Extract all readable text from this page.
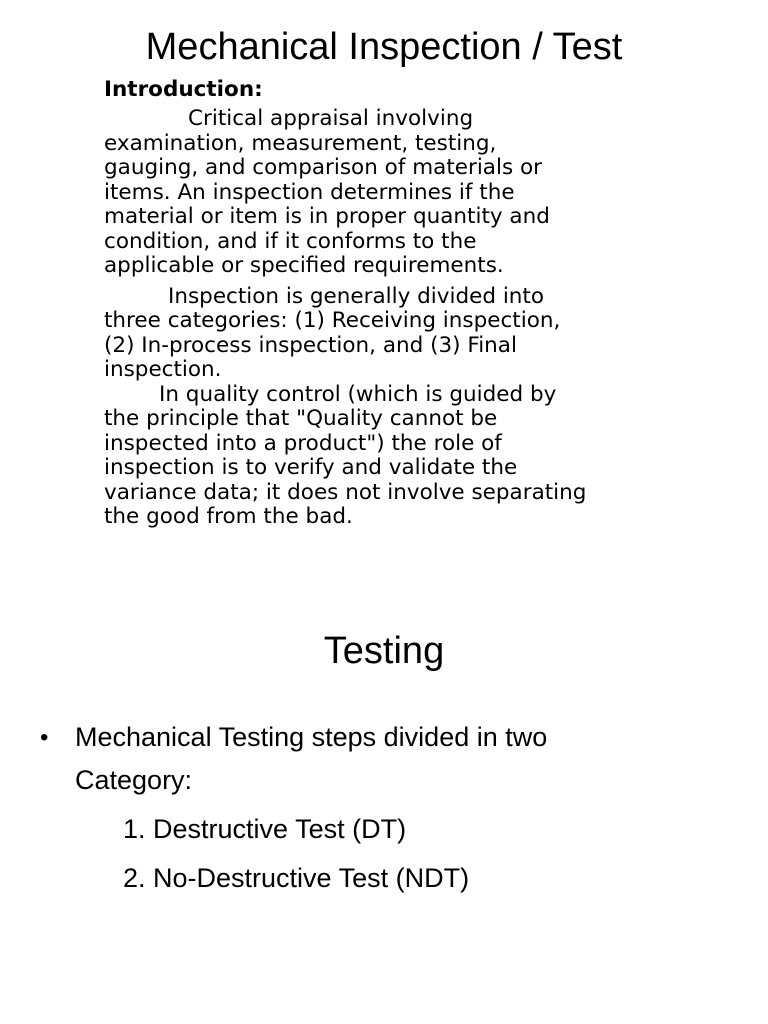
Mechanical Inspection / Test
Introduction:
Critical appraisal involving
examination, measurement, testing,
gauging, and comparison of materials or
items. An inspection determines if the
material or item is in proper quantity and
condition, and if it conforms to the
applicable or specified requirements.
Inspection is generally divided into
three categories: (1) Receiving inspection,
(2) In-process inspection, and (3) Final
inspection.
In quality control (which is guided by
the principle that "Quality cannot be
inspected into a product") the role of
inspection is to verify and validate the
variance data; it does not involve separating
the good from the bad.
Testing
• Mechanical Testing steps divided in two
Category:
1. Destructive Test (DT)
2. No-Destructive Test (NDT)
